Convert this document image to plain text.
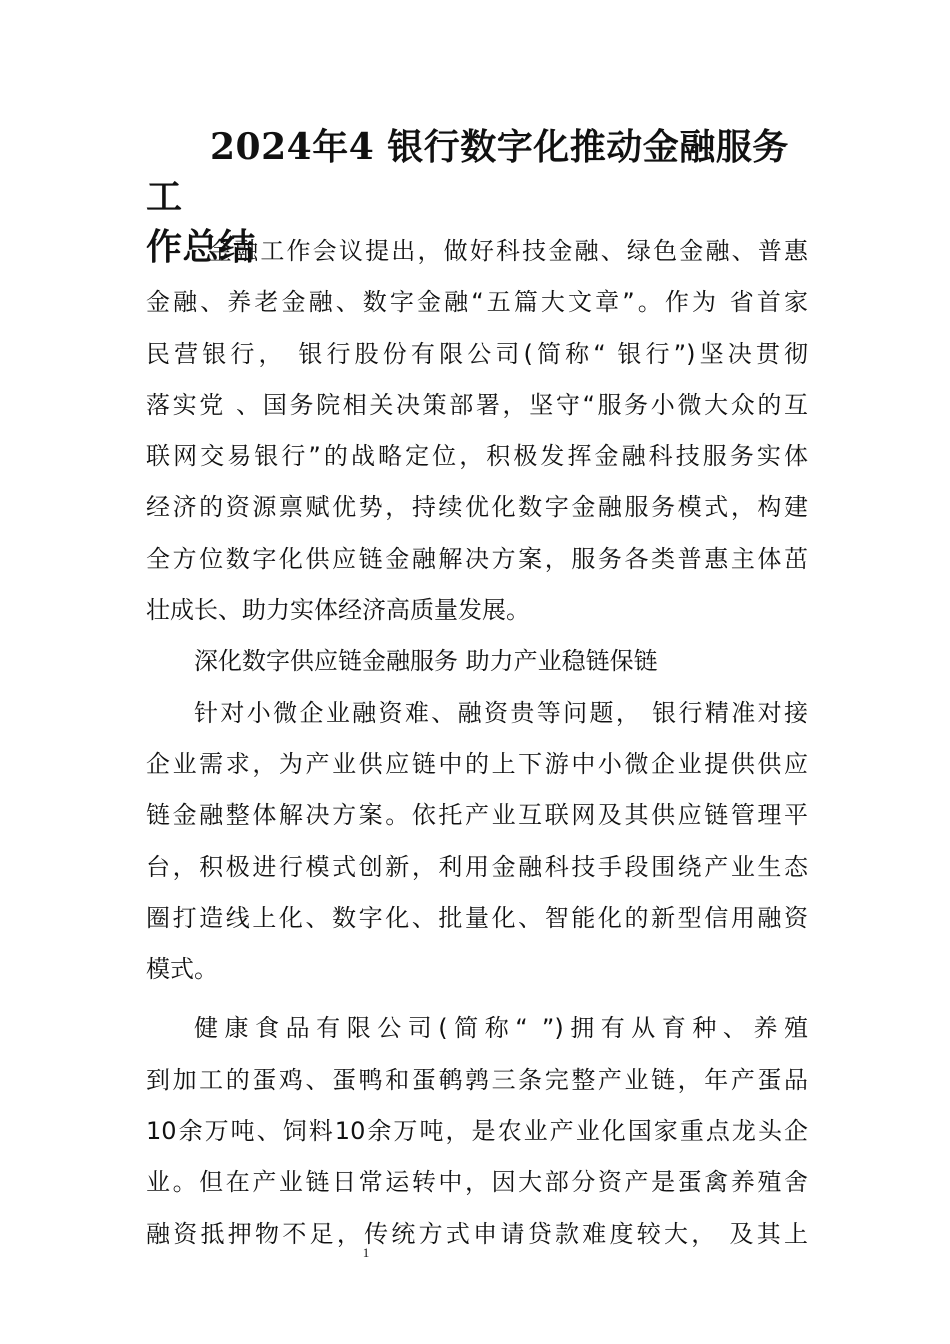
2024年4 银行数字化推动金融服务工
作总结
金融工作会议提出，做好科技金融、绿色金融、普惠
金融、养老金融、数字金融“五篇大文章”。作为 省首家
民营银行， 银行股份有限公司(简称“ 银行”)坚决贯彻
落实党 、国务院相关决策部署，坚守“服务小微大众的互
联网交易银行”的战略定位，积极发挥金融科技服务实体
经济的资源禀赋优势，持续优化数字金融服务模式，构建
全方位数字化供应链金融解决方案，服务各类普惠主体茁
壮成长、助力实体经济高质量发展。
深化数字供应链金融服务 助力产业稳链保链
针对小微企业融资难、融资贵等问题， 银行精准对接
企业需求，为产业供应链中的上下游中小微企业提供供应
链金融整体解决方案。依托产业互联网及其供应链管理平
台，积极进行模式创新，利用金融科技手段围绕产业生态
圈打造线上化、数字化、批量化、智能化的新型信用融资
模式。
健康食品有限公司(简称“ ”)拥有从育种、养殖
到加工的蛋鸡、蛋鸭和蛋鹌鹑三条完整产业链，年产蛋品
10余万吨、饲料10余万吨，是农业产业化国家重点龙头企
业。但在产业链日常运转中，因大部分资产是蛋禽养殖舍
融资抵押物不足，传统方式申请贷款难度较大， 及其上
1
